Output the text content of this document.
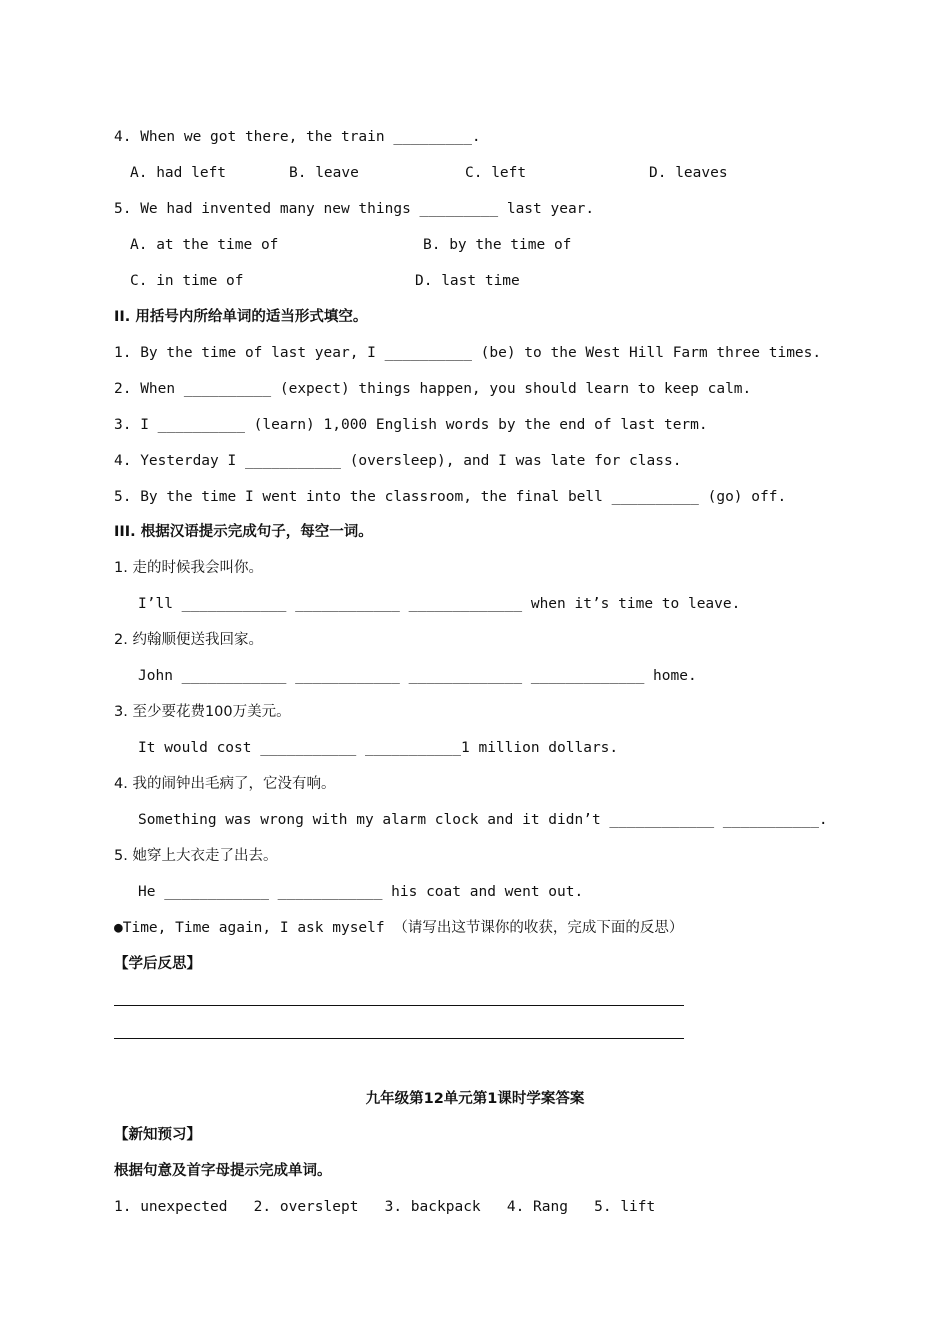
4. When we got there, the train _________.
A. had left	B. leave	C. left	D. leaves
5. We had invented many new things _________ last year.
A. at the time of	B. by the time of
C. in time of	D. last time
II. 用括号内所给单词的适当形式填空。
1. By the time of last year, I __________ (be) to the West Hill Farm three times.
2. When __________ (expect) things happen, you should learn to keep calm.
3. I __________ (learn) 1,000 English words by the end of last term.
4. Yesterday I ___________ (oversleep), and I was late for class.
5. By the time I went into the classroom, the final bell __________ (go) off.
III. 根据汉语提示完成句子，每空一词。
1. 走的时候我会叫你。
I’ll ____________ ____________ _____________ when it’s time to leave.
2. 约翰顺便送我回家。
John ____________ ____________ _____________ _____________ home.
3. 至少要花费100万美元。
It would cost ___________ ___________1 million dollars.
4. 我的闹钟出毛病了，它没有响。
Something was wrong with my alarm clock and it didn’t ____________ ___________.
5. 她穿上大衣走了出去。
He ____________ ____________ his coat and went out.
●Time, Time again, I ask myself （请写出这节课你的收获，完成下面的反思）
【学后反思】
九年级第12单元第1课时学案答案
【新知预习】
根据句意及首字母提示完成单词。
1. unexpected   2. overslept   3. backpack   4. Rang   5. lift
